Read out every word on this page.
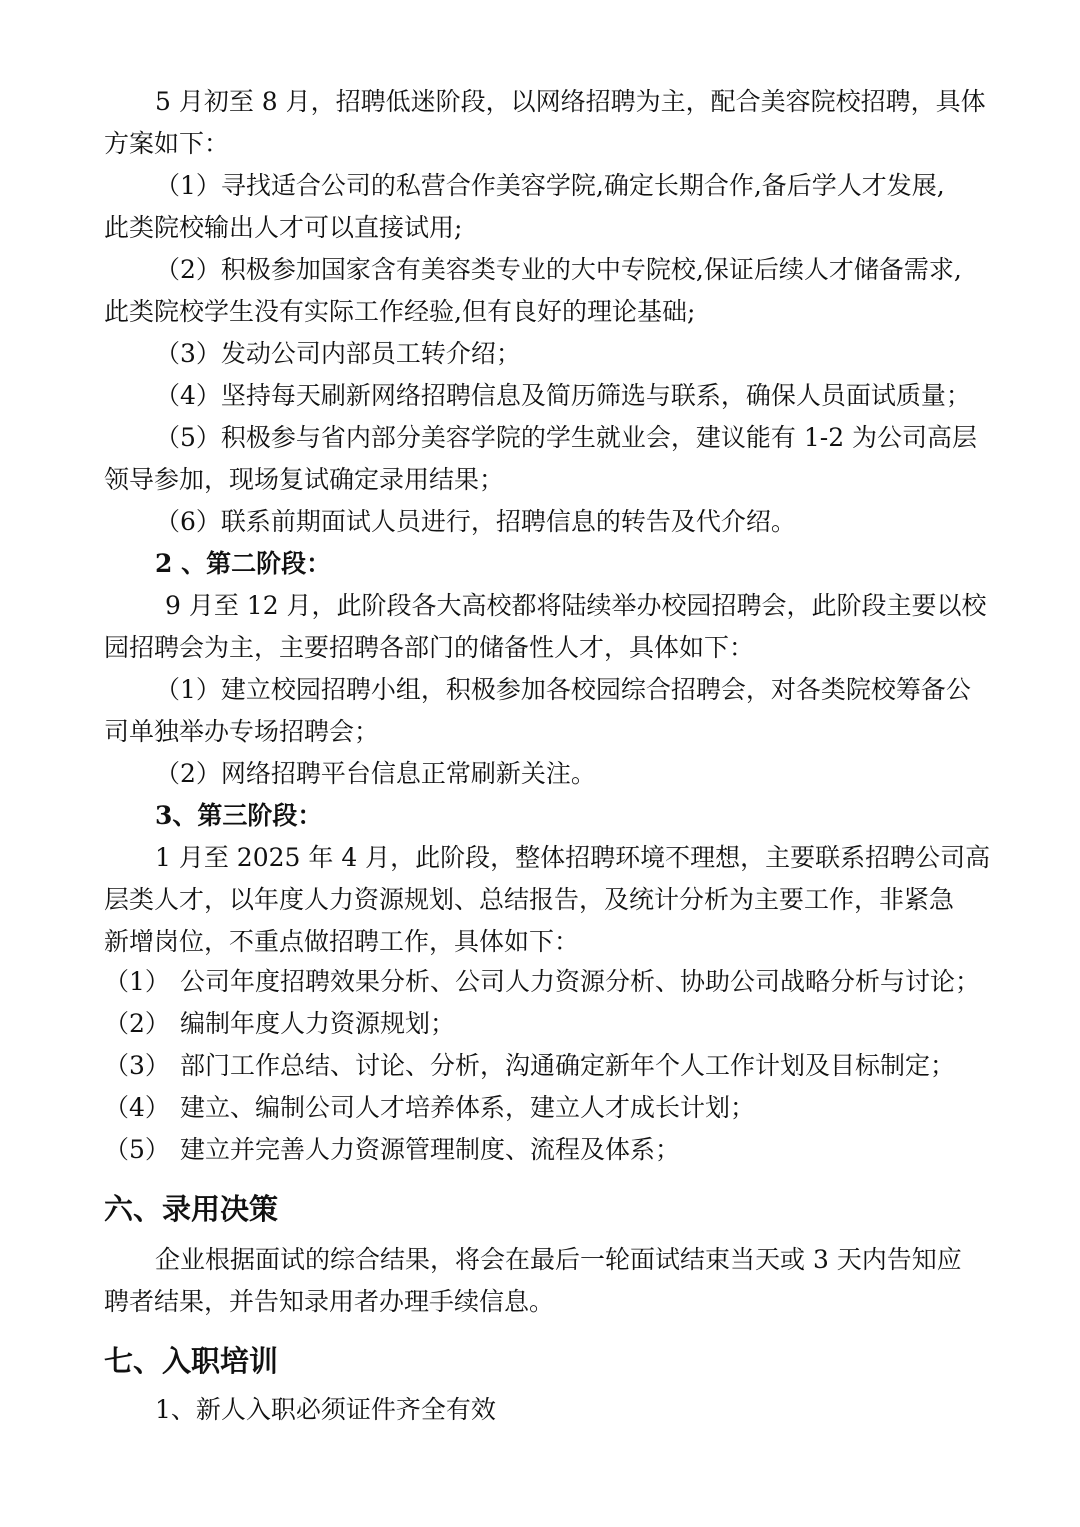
5 月初至 8 月，招聘低迷阶段，以网络招聘为主，配合美容院校招聘，具体

方案如下：

（1）寻找适合公司的私营合作美容学院,确定长期合作,备后学人才发展,

此类院校输出人才可以直接试用;

（2）积极参加国家含有美容类专业的大中专院校,保证后续人才储备需求,

此类院校学生没有实际工作经验,但有良好的理论基础;

（3）发动公司内部员工转介绍；

（4）坚持每天刷新网络招聘信息及简历筛选与联系，确保人员面试质量；

（5）积极参与省内部分美容学院的学生就业会，建议能有 1-2 为公司高层

领导参加，现场复试确定录用结果；

（6）联系前期面试人员进行，招聘信息的转告及代介绍。

2 、第二阶段：

9 月至 12 月，此阶段各大高校都将陆续举办校园招聘会，此阶段主要以校

园招聘会为主，主要招聘各部门的储备性人才，具体如下：

（1）建立校园招聘小组，积极参加各校园综合招聘会，对各类院校筹备公

司单独举办专场招聘会；

（2）网络招聘平台信息正常刷新关注。

3、第三阶段：

1 月至 2025 年 4 月，此阶段，整体招聘环境不理想，主要联系招聘公司高

层类人才，以年度人力资源规划、总结报告，及统计分析为主要工作，非紧急

新增岗位，不重点做招聘工作，具体如下：

（1） 公司年度招聘效果分析、公司人力资源分析、协助公司战略分析与讨论；

（2） 编制年度人力资源规划；

（3） 部门工作总结、讨论、分析，沟通确定新年个人工作计划及目标制定；

（4） 建立、编制公司人才培养体系，建立人才成长计划；

（5） 建立并完善人力资源管理制度、流程及体系；

六、录用决策

企业根据面试的综合结果，将会在最后一轮面试结束当天或 3 天内告知应

聘者结果，并告知录用者办理手续信息。

七、入职培训

1、新人入职必须证件齐全有效
